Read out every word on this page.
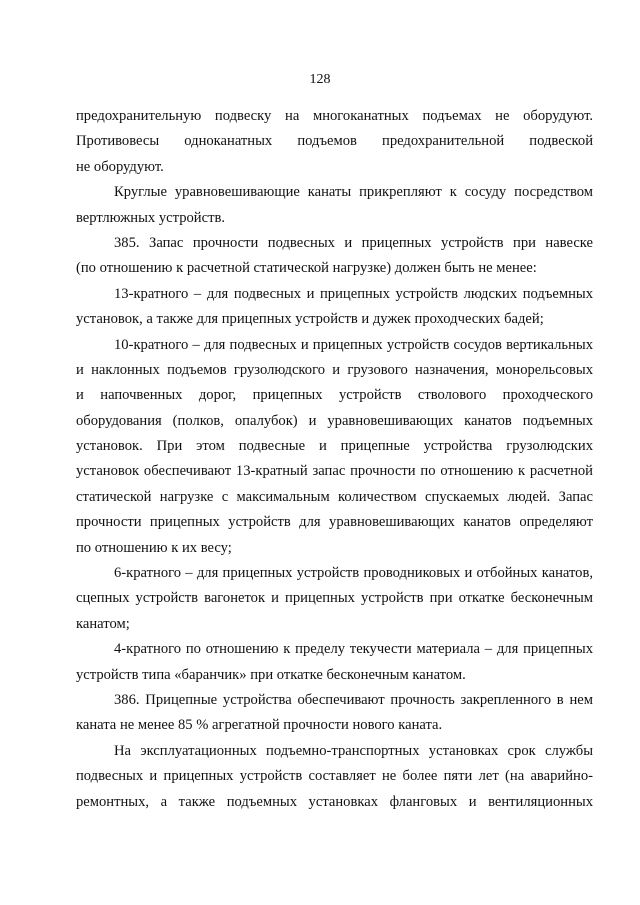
128
предохранительную подвеску на многоканатных подъемах не оборудуют.
Противовесы одноканатных подъемов предохранительной подвеской
не оборудуют.
Круглые уравновешивающие канаты прикрепляют к сосуду посредством
вертлюжных устройств.
385. Запас прочности подвесных и прицепных устройств при навеске
(по отношению к расчетной статической нагрузке) должен быть не менее:
13-кратного – для подвесных и прицепных устройств людских подъемных
установок, а также для прицепных устройств и дужек проходческих бадей;
10-кратного – для подвесных и прицепных устройств сосудов вертикальных
и наклонных подъемов грузолюдского и грузового назначения, монорельсовых
и напочвенных дорог, прицепных устройств стволового проходческого
оборудования (полков, опалубок) и уравновешивающих канатов подъемных
установок. При этом подвесные и прицепные устройства грузолюдских
установок обеспечивают 13-кратный запас прочности по отношению к расчетной
статической нагрузке с максимальным количеством спускаемых людей. Запас
прочности прицепных устройств для уравновешивающих канатов определяют
по отношению к их весу;
6-кратного – для прицепных устройств проводниковых и отбойных канатов,
сцепных устройств вагонеток и прицепных устройств при откатке бесконечным
канатом;
4-кратного по отношению к пределу текучести материала – для прицепных
устройств типа «баранчик» при откатке бесконечным канатом.
386. Прицепные устройства обеспечивают прочность закрепленного в нем
каната не менее 85 % агрегатной прочности нового каната.
На эксплуатационных подъемно-транспортных установках срок службы
подвесных и прицепных устройств составляет не более пяти лет (на аварийно-
ремонтных, а также подъемных установках фланговых и вентиляционных
